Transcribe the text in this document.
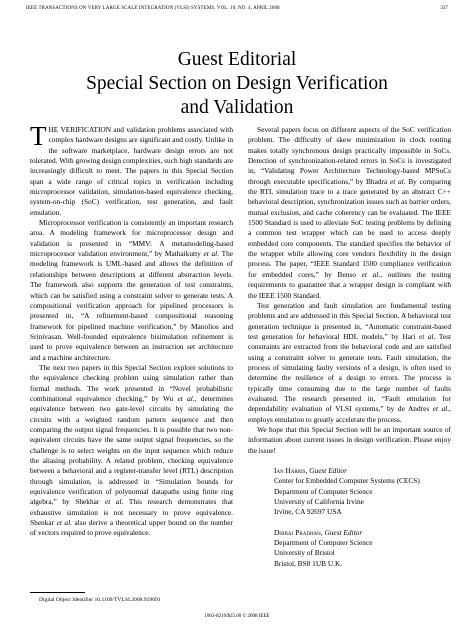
IEEE TRANSACTIONS ON VERY LARGE SCALE INTEGRATION (VLSI) SYSTEMS, VOL. 16, NO. 4, APRIL 2008	337
Guest Editorial
Special Section on Design Verification
and Validation

THE VERIFICATION and validation problems associated with complex hardware designs are significant and costly. Unlike in the software marketplace, hardware design errors are not tolerated. With growing design complexities, such high standards are increasingly difficult to meet. The papers in this Special Section span a wide range of critical topics in verification including microprocessor validation, simulation-based equivalence checking, system-on-chip (SoC) verification, test generation, and fault emulation.

Microprocessor verification is consistently an important research area. A modeling framework for microprocessor design and validation is presented in “MMV: A metamodeling-based microprocessor validation environment,” by Mathaikutty et al. The modeling framework is UML-based and allows the definition of relationships between descriptions at different abstraction levels. The framework also supports the generation of test constraints, which can be satisfied using a constraint solver to generate tests. A compositional verification approach for pipelined processors is presented in, “A refinement-based compositional reasoning framework for pipelined machine verification,” by Manolios and Srinivasan. Well-founded equivalence bisimulation refinement is used to prove equivalence between an instruction set architecture and a machine architecture.

The next two papers in this Special Section explore solutions to the equivalence checking problem using simulation rather than formal methods. The work presented in “Novel probabilistic combinational equivalence checking,” by Wu et al., determines equivalence between two gate-level circuits by simulating the circuits with a weighted random pattern sequence and then comparing the output signal frequencies. It is possible that two non-equivalent circuits have the same output signal frequencies, so the challenge is to select weights on the input sequence which reduce the aliasing probability. A related problem, checking equivalence between a behavioral and a register-transfer level (RTL) description through simulation, is addressed in “Simulation bounds for equivalence verification of polynomial datapaths using finite ring algebra,” by Shekhar et al. This research demonstrates that exhaustive simulation is not necessary to prove equivalence. Shenkar et al. also derive a theoretical upper bound on the number of vectors required to prove equivalence.

Several papers focus on different aspects of the SoC verification problem. The difficulty of skew minimization in clock routing makes totally synchronous design practically impossible in SoCs. Detection of synchronization-related errors in SoCs is investigated in, “Validating Power Architecture Technology-based MPSoCs through executable specifications,” by Bhadra et al. By comparing the RTL simulation trace to a trace generated by an abstract C++ behavioral description, synchronization issues such as barrier orders, mutual exclusion, and cache coherency can be evaluated. The IEEE 1500 Standard is used to alleviate SoC testing problems by defining a common test wrapper which can be used to access deeply embedded core components. The standard specifies the behavior of the wrapper while allowing core vendors flexibility in the design process. The paper, “IEEE Standard 1500 compliance verification for embedded cores,” by Benso et al., outlines the testing requirements to guarantee that a wrapper design is compliant with the IEEE 1500 Standard.

Test generation and fault simulation are fundamental testing problems and are addressed in this Special Section. A behavioral test generation technique is presented in, “Automatic constraint-based test generation for behavioral HDL models,” by Hari et al. Test constraints are extracted from the behavioral code and are satisfied using a constraint solver to generate tests. Fault simulation, the process of simulating faulty versions of a design, is often used to determine the resilience of a design to errors. The process is typically time consuming due to the large number of faults evaluated. The research presented in, “Fault emulation for dependability evaluation of VLSI systems,” by de Andres et al., employs emulation to greatly accelerate the process.

We hope that this Special Section will be an important source of information about current issues in design verification. Please enjoy the issue!

Ian Harris, Guest Editor
Center for Embedded Computer Systems (CECS)
Department of Computer Science
University of California Irvine
Irvine, CA 92697 USA
Dhiraj Pradhan, Guest Editor
Department of Computer Science
University of Bristol
Bristol, BS8 1UB U.K.
Digital Object Identifier 10.1109/TVLSI.2008.919691
1063-8210/$25.00 © 2008 IEEE
